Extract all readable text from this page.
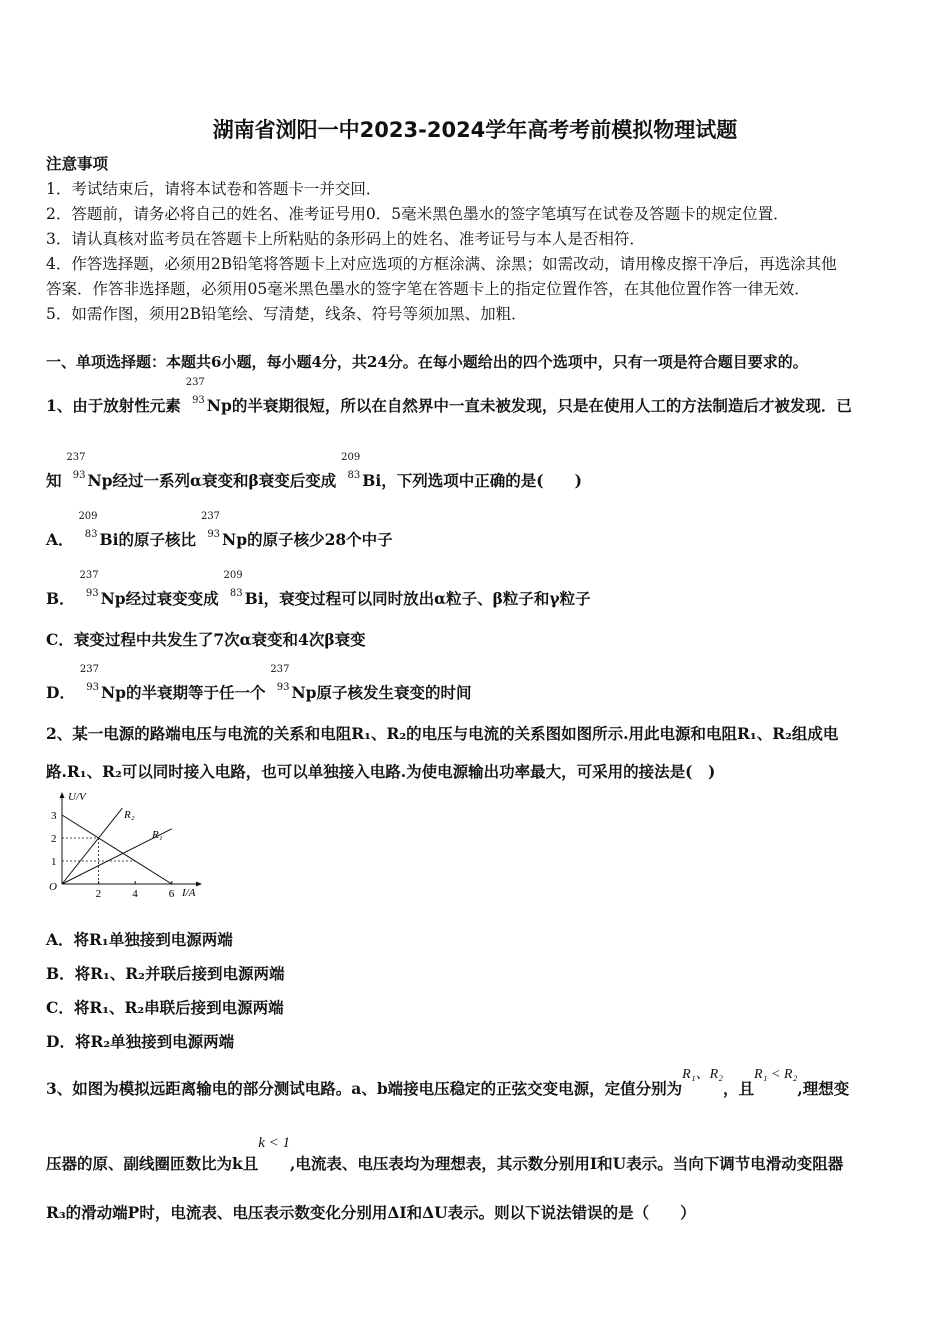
湖南省浏阳一中2023-2024学年高考考前模拟物理试题
注意事项
1．考试结束后，请将本试卷和答题卡一并交回．
2．答题前，请务必将自己的姓名、准考证号用0．5毫米黑色墨水的签字笔填写在试卷及答题卡的规定位置．
3．请认真核对监考员在答题卡上所粘贴的条形码上的姓名、准考证号与本人是否相符．
4．作答选择题，必须用2B铅笔将答题卡上对应选项的方框涂满、涂黑；如需改动，请用橡皮擦干净后，再选涂其他
答案．作答非选择题，必须用05毫米黑色墨水的签字笔在答题卡上的指定位置作答，在其他位置作答一律无效．
5．如需作图，须用2B铅笔绘、写清楚，线条、符号等须加黑、加粗．
一、单项选择题：本题共6小题，每小题4分，共24分。在每小题给出的四个选项中，只有一项是符合题目要求的。
1、由于放射性元素
237
93 Np的半衰期很短，所以在自然界中一直未被发现，只是在使用人工的方法制造后才被发现．已
知
237
93 Np经过一系列α衰变和β衰变后变成
209
83 Bi，下列选项中正确的是(　　)
A．
209
83 Bi的原子核比
237
93 Np的原子核少28个中子
B．
237
93 Np经过衰变变成
209
83 Bi，衰变过程可以同时放出α粒子、β粒子和γ粒子
C．衰变过程中共发生了7次α衰变和4次β衰变
D．
237
93 Np的半衰期等于任一个
237
93 Np原子核发生衰变的时间
2、某一电源的路端电压与电流的关系和电阻R₁、R₂的电压与电流的关系图如图所示.用此电源和电阻R₁、R₂组成电
路.R₁、R₂可以同时接入电路，也可以单独接入电路.为使电源输出功率最大，可采用的接法是(　)
2	4	6
1
2
3
U/V
I/A
O
R₂
R₁
A．将R₁单独接到电源两端
B．将R₁、R₂并联后接到电源两端
C．将R₁、R₂串联后接到电源两端
D．将R₂单独接到电源两端
3、如图为模拟远距离输电的部分测试电路。a、b端接电压稳定的正弦交变电源，定值分别为R₁、R₂，且R₁ < R₂,理想变
压器的原、副线圈匝数比为k且k < 1,电流表、电压表均为理想表，其示数分别用I和U表示。当向下调节电滑动变阻器
R₃的滑动端P时，电流表、电压表示数变化分别用ΔI和ΔU表示。则以下说法错误的是（　　）
